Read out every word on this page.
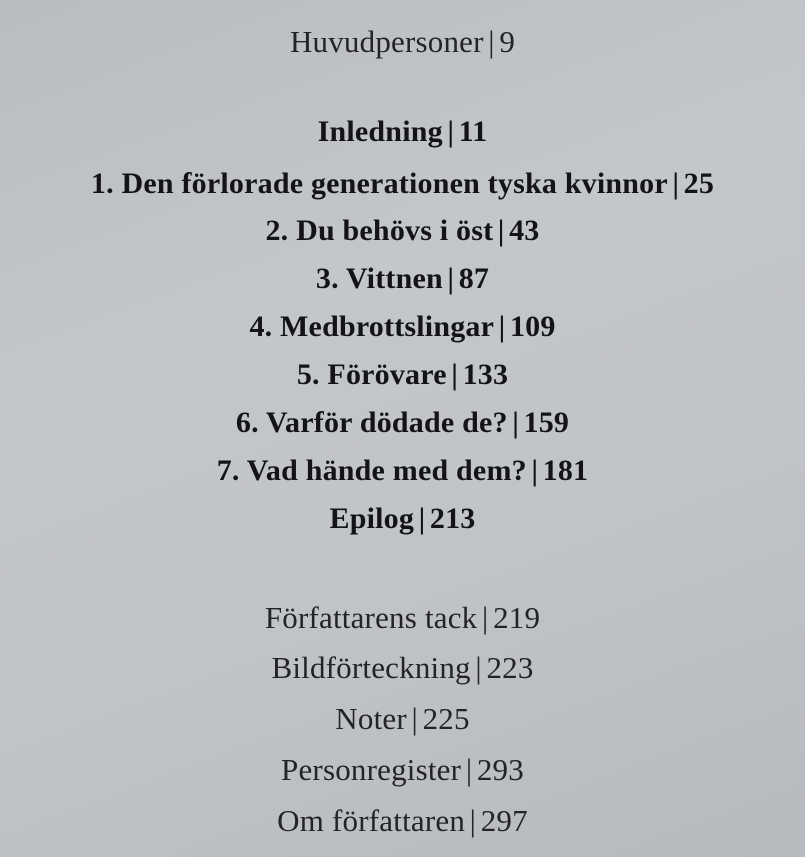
Huvudpersoner | 9
Inledning | 11
1. Den förlorade generationen tyska kvinnor | 25
2. Du behövs i öst | 43
3. Vittnen | 87
4. Medbrottslingar | 109
5. Förövare | 133
6. Varför dödade de? | 159
7. Vad hände med dem? | 181
Epilog | 213
Författarens tack | 219
Bildförteckning | 223
Noter | 225
Personregister | 293
Om författaren | 297
